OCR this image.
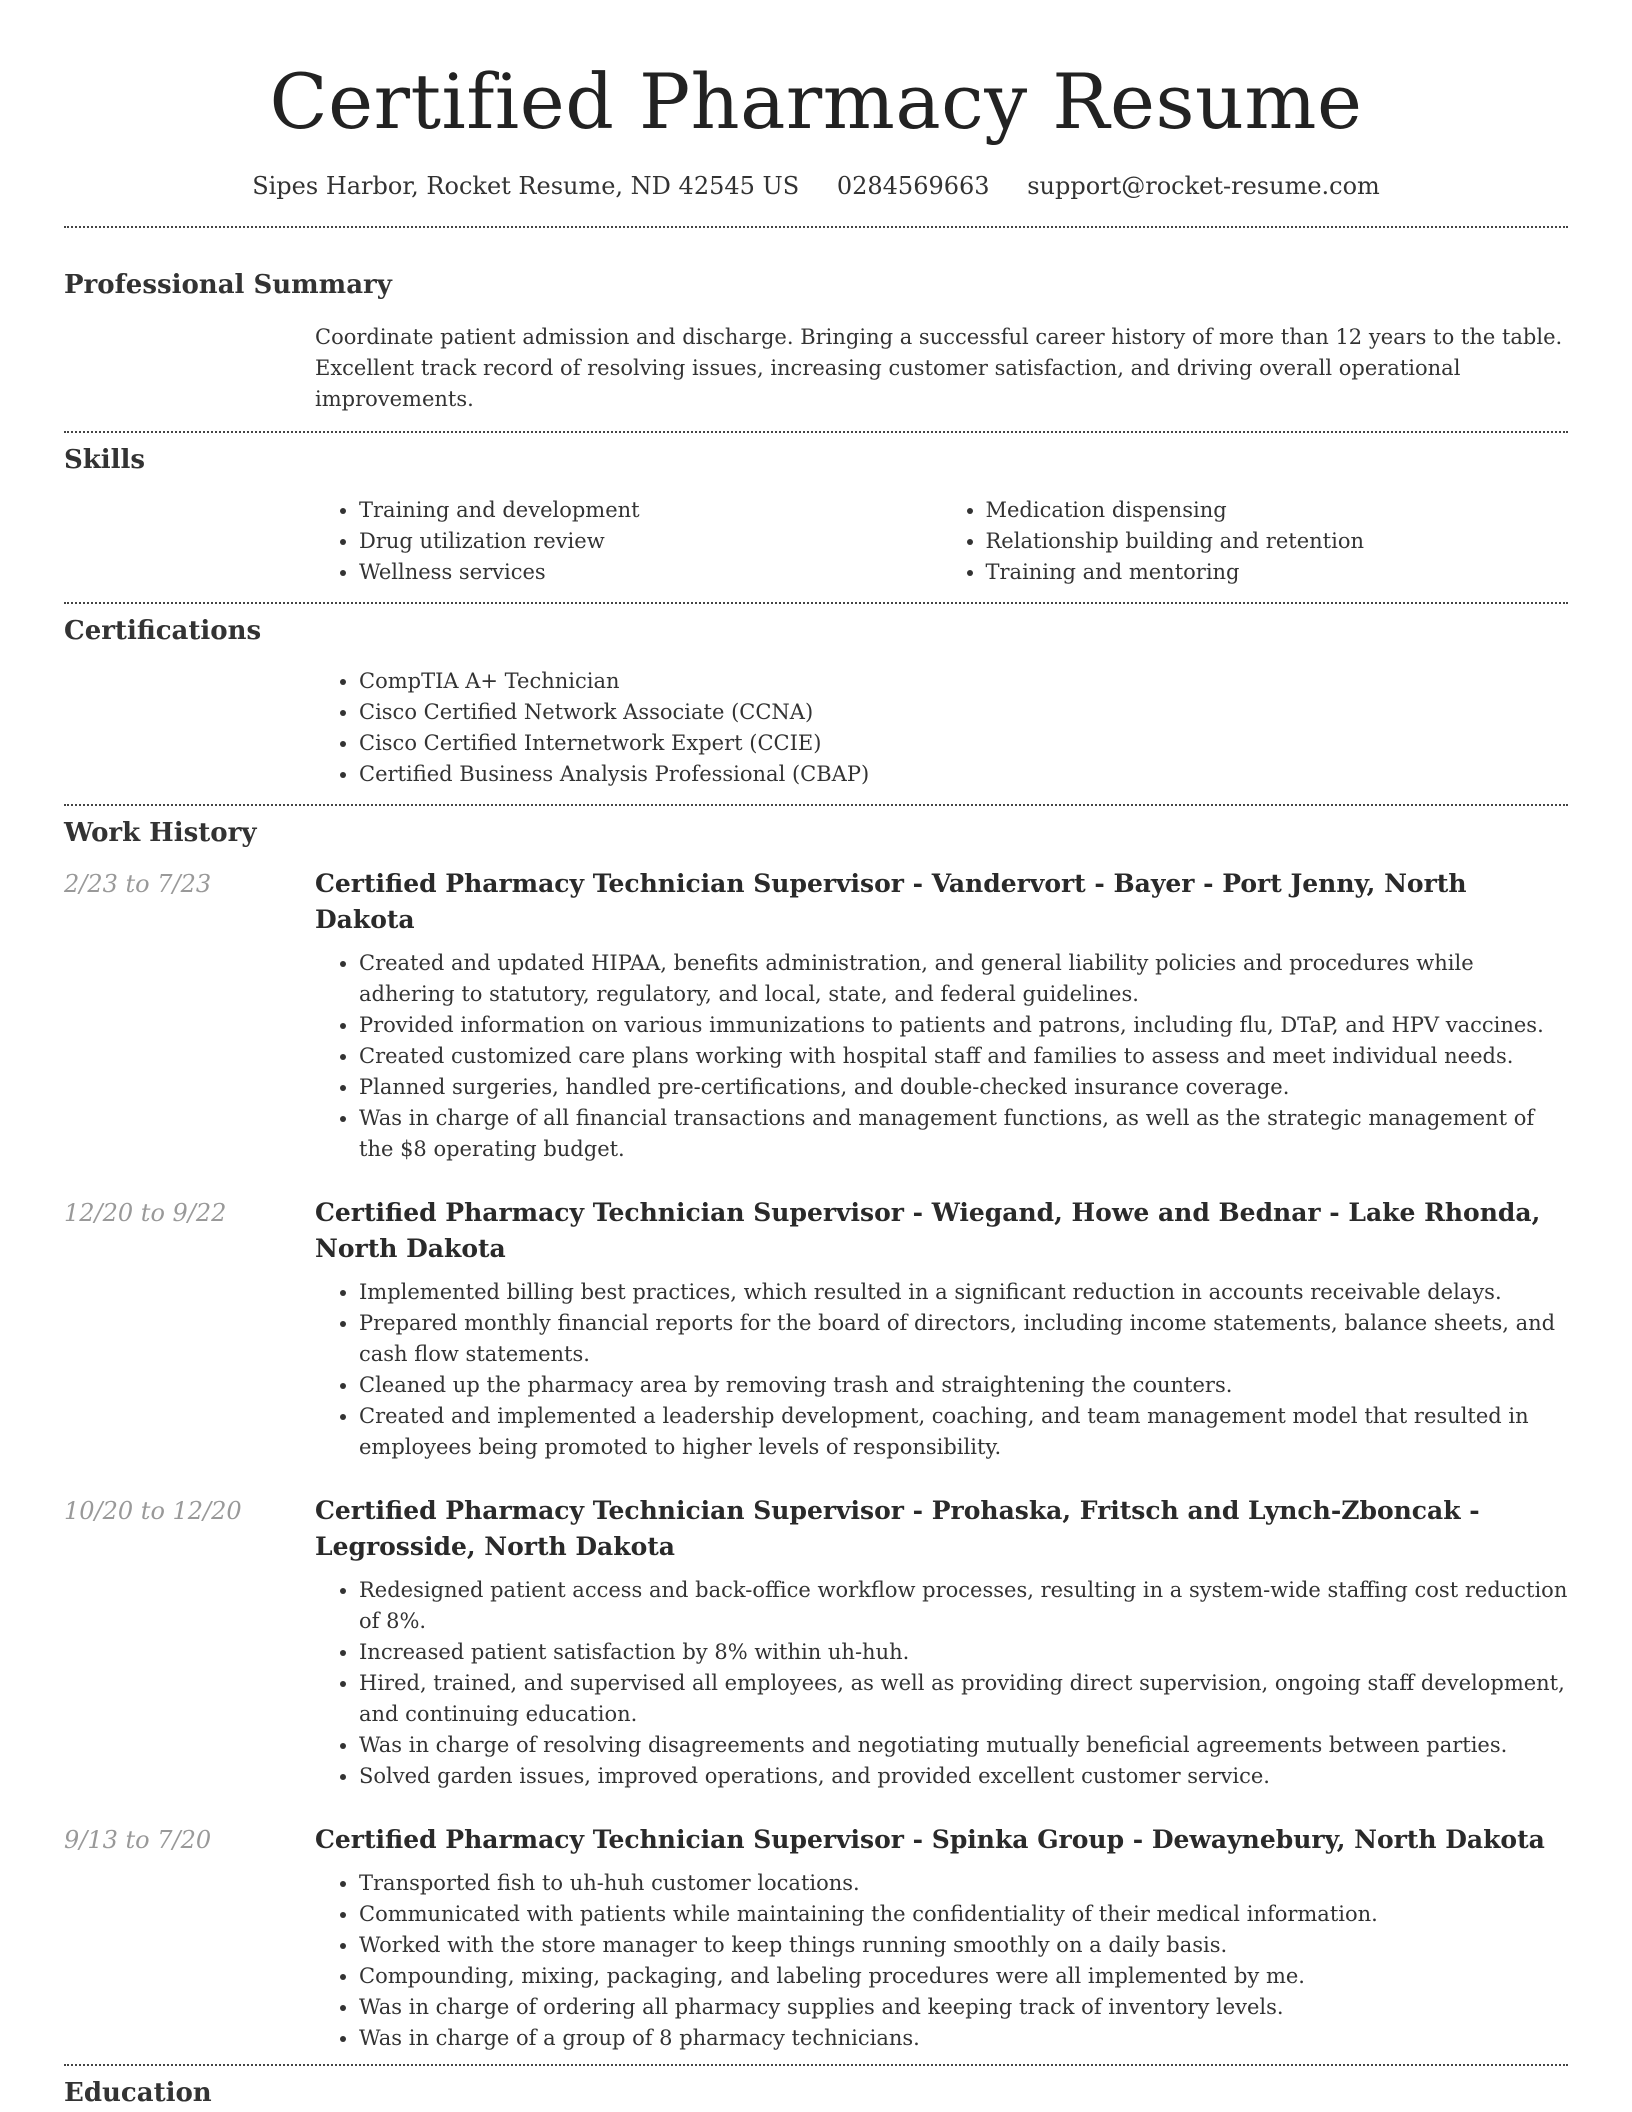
Certified Pharmacy Resume
Sipes Harbor, Rocket Resume, ND 42545 US 0284569663 support@rocket-resume.com
Professional Summary

Coordinate patient admission and discharge. Bringing a successful career history of more than 12 years to the table. Excellent track record of resolving issues, increasing customer satisfaction, and driving overall operational improvements.

Skills
• Training and development
• Drug utilization review
• Wellness services
• Medication dispensing
• Relationship building and retention
• Training and mentoring
Certifications
• CompTIA A+ Technician
• Cisco Certified Network Associate (CCNA)
• Cisco Certified Internetwork Expert (CCIE)
• Certified Business Analysis Professional (CBAP)
Work History
2/23 to 7/23	Certified Pharmacy Technician Supervisor - Vandervort - Bayer - Port Jenny, North Dakota
• Created and updated HIPAA, benefits administration, and general liability policies and procedures while adhering to statutory, regulatory, and local, state, and federal guidelines.
• Provided information on various immunizations to patients and patrons, including flu, DTaP, and HPV vaccines.
• Created customized care plans working with hospital staff and families to assess and meet individual needs.
• Planned surgeries, handled pre-certifications, and double-checked insurance coverage.
• Was in charge of all financial transactions and management functions, as well as the strategic management of the $8 operating budget.
12/20 to 9/22	Certified Pharmacy Technician Supervisor - Wiegand, Howe and Bednar - Lake Rhonda, North Dakota
• Implemented billing best practices, which resulted in a significant reduction in accounts receivable delays.
• Prepared monthly financial reports for the board of directors, including income statements, balance sheets, and cash flow statements.
• Cleaned up the pharmacy area by removing trash and straightening the counters.
• Created and implemented a leadership development, coaching, and team management model that resulted in employees being promoted to higher levels of responsibility.
10/20 to 12/20	Certified Pharmacy Technician Supervisor - Prohaska, Fritsch and Lynch-Zboncak - Legrosside, North Dakota
• Redesigned patient access and back-office workflow processes, resulting in a system-wide staffing cost reduction of 8%.
• Increased patient satisfaction by 8% within uh-huh.
• Hired, trained, and supervised all employees, as well as providing direct supervision, ongoing staff development, and continuing education.
• Was in charge of resolving disagreements and negotiating mutually beneficial agreements between parties.
• Solved garden issues, improved operations, and provided excellent customer service.
9/13 to 7/20	Certified Pharmacy Technician Supervisor - Spinka Group - Dewaynebury, North Dakota
• Transported fish to uh-huh customer locations.
• Communicated with patients while maintaining the confidentiality of their medical information.
• Worked with the store manager to keep things running smoothly on a daily basis.
• Compounding, mixing, packaging, and labeling procedures were all implemented by me.
• Was in charge of ordering all pharmacy supplies and keeping track of inventory levels.
• Was in charge of a group of 8 pharmacy technicians.
Education
